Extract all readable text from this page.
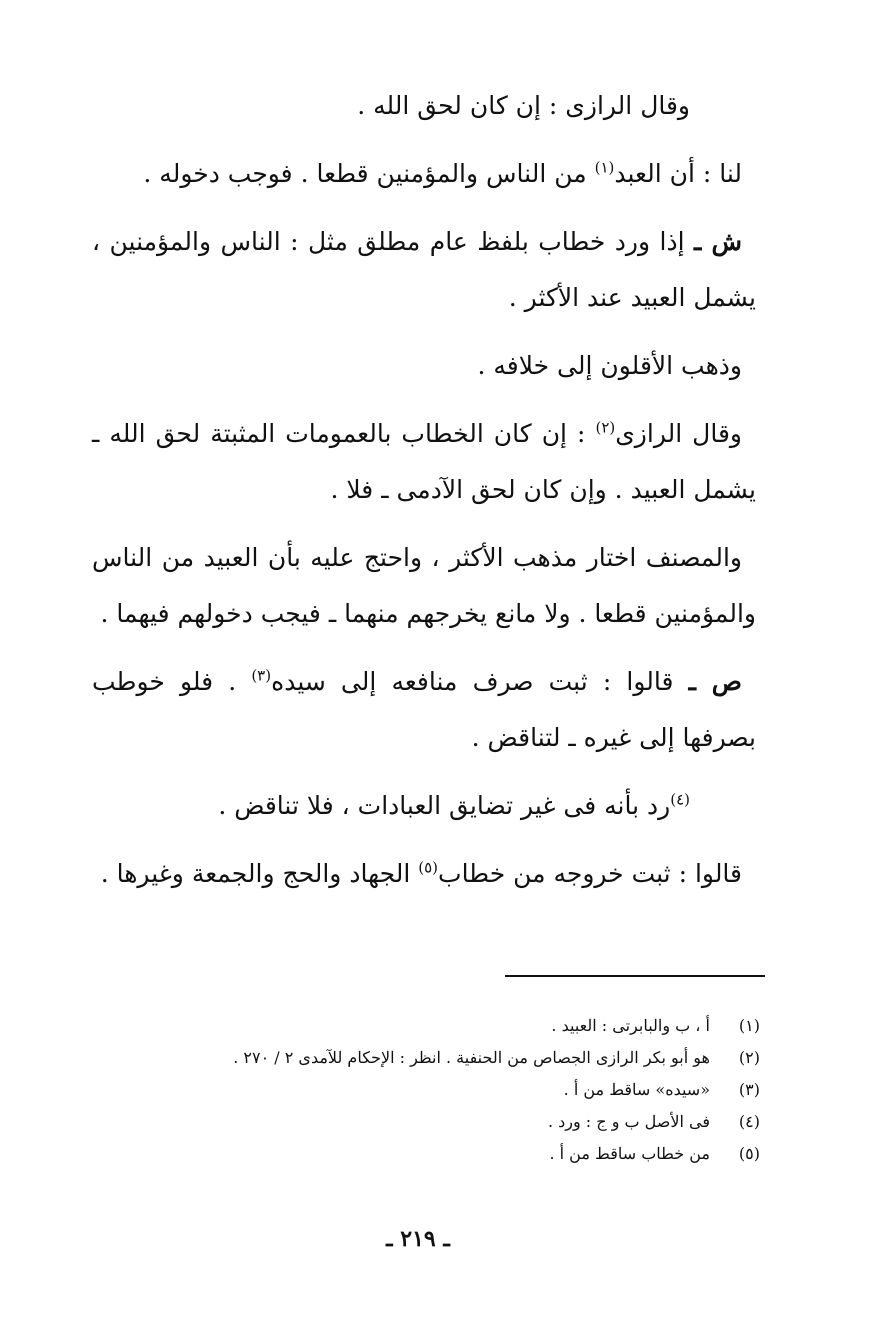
وقال الرازى : إن كان لحق الله .

لنا : أن العبد$^{(١)}$ من الناس والمؤمنين قطعا . فوجب دخوله .

ش ـ إذا ورد خطاب بلفظ عام مطلق مثل : الناس والمؤمنين ، يشمل العبيد عند الأكثر .

وذهب الأقلون إلى خلافه .

وقال الرازى$^{(٢)}$ : إن كان الخطاب بالعمومات المثبتة لحق الله ـ يشمل العبيد . وإن كان لحق الآدمى ـ فلا .

والمصنف اختار مذهب الأكثر ، واحتج عليه بأن العبيد من الناس والمؤمنين قطعا . ولا مانع يخرجهم منهما ـ فيجب دخولهم فيهما .

ص ـ قالوا : ثبت صرف منافعه إلى سيده$^{(٣)}$ . فلو خوطب بصرفها إلى غيره ـ لتناقض .

$^{(٤)}$رد بأنه فى غير تضايق العبادات ، فلا تناقض .

قالوا : ثبت خروجه من خطاب$^{(٥)}$ الجهاد والحج والجمعة وغيرها .

(١)
أ ، ب والبابرتى : العبيد .
(٢)
هو أبو بكر الرازى الجصاص من الحنفية . انظر : الإحكام للآمدى ٢ / ٢٧٠ .
(٣)
«سيده» ساقط من أ .
(٤)
فى الأصل ب و ج : ورد .
(٥)
من خطاب ساقط من أ .
ـ ٢١٩ ـ
